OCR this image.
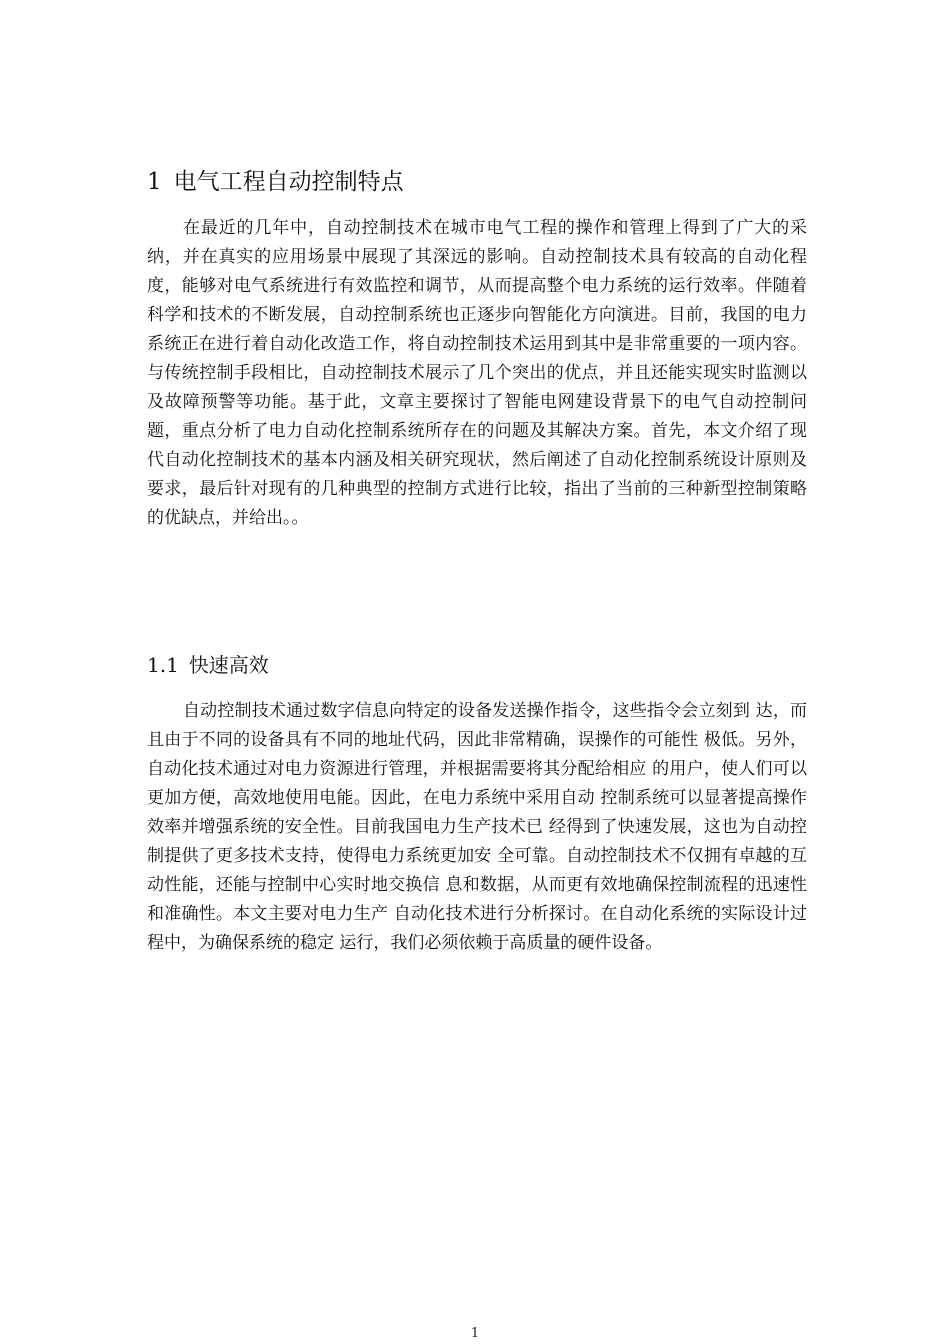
1 电气工程自动控制特点

在最近的几年中，自动控制技术在城市电气工程的操作和管理上得到了广大的采纳，并在真实的应用场景中展现了其深远的影响。自动控制技术具有较高的自动化程度，能够对电气系统进行有效监控和调节，从而提高整个电力系统的运行效率。伴随着科学和技术的不断发展，自动控制系统也正逐步向智能化方向演进。目前，我国的电力系统正在进行着自动化改造工作，将自动控制技术运用到其中是非常重要的一项内容。与传统控制手段相比，自动控制技术展示了几个突出的优点，并且还能实现实时监测以及故障预警等功能。基于此，文章主要探讨了智能电网建设背景下的电气自动控制问题，重点分析了电力自动化控制系统所存在的问题及其解决方案。首先，本文介绍了现代自动化控制技术的基本内涵及相关研究现状，然后阐述了自动化控制系统设计原则及要求，最后针对现有的几种典型的控制方式进行比较，指出了当前的三种新型控制策略的优缺点，并给出。。

1.1 快速高效

自动控制技术通过数字信息向特定的设备发送操作指令，这些指令会立刻到 达，而且由于不同的设备具有不同的地址代码，因此非常精确，误操作的可能性 极低。另外，自动化技术通过对电力资源进行管理，并根据需要将其分配给相应 的用户，使人们可以更加方便，高效地使用电能。因此，在电力系统中采用自动 控制系统可以显著提高操作效率并增强系统的安全性。目前我国电力生产技术已 经得到了快速发展，这也为自动控制提供了更多技术支持，使得电力系统更加安 全可靠。自动控制技术不仅拥有卓越的互动性能，还能与控制中心实时地交换信 息和数据，从而更有效地确保控制流程的迅速性和准确性。本文主要对电力生产 自动化技术进行分析探讨。在自动化系统的实际设计过程中，为确保系统的稳定 运行，我们必须依赖于高质量的硬件设备。

1
